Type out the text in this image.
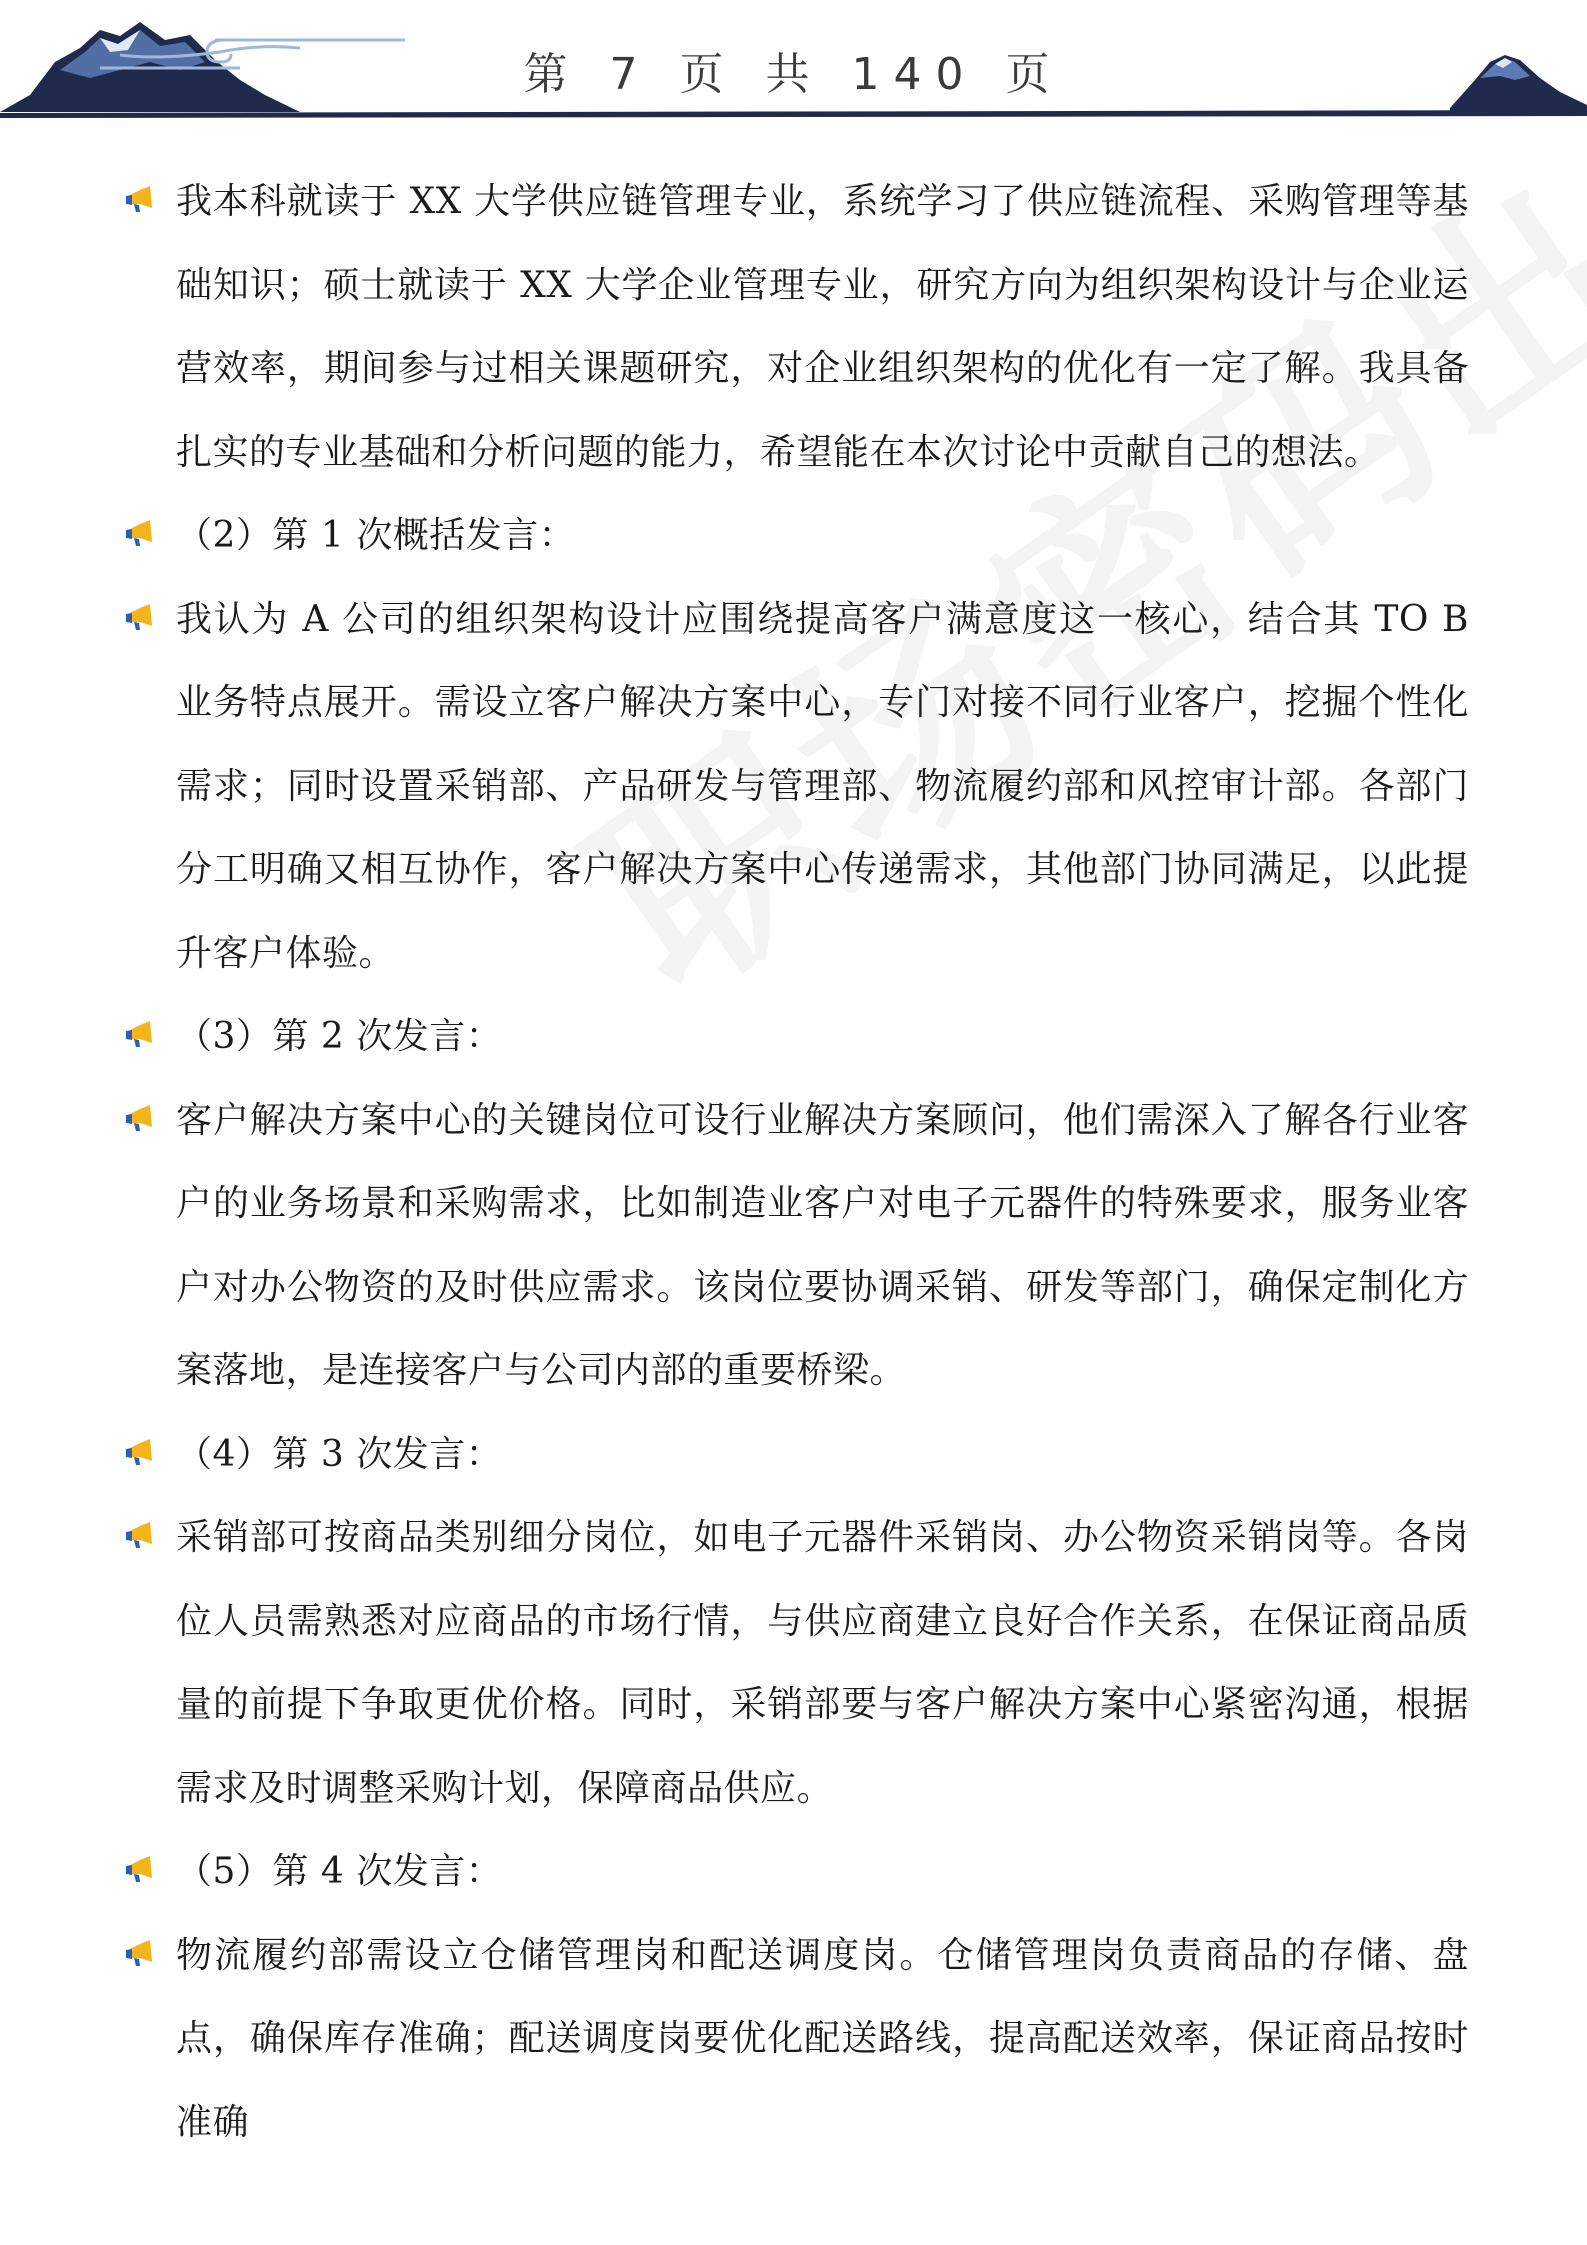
第 7 页 共 140 页
我本科就读于 XX 大学供应链管理专业，系统学习了供应链流程、采购管理等基础知识；硕士就读于 XX 大学企业管理专业，研究方向为组织架构设计与企业运营效率，期间参与过相关课题研究，对企业组织架构的优化有一定了解。我具备扎实的专业基础和分析问题的能力，希望能在本次讨论中贡献自己的想法。
（2）第 1 次概括发言：
我认为 A 公司的组织架构设计应围绕提高客户满意度这一核心，结合其 TO B 业务特点展开。需设立客户解决方案中心，专门对接不同行业客户，挖掘个性化需求；同时设置采销部、产品研发与管理部、物流履约部和风控审计部。各部门分工明确又相互协作，客户解决方案中心传递需求，其他部门协同满足，以此提升客户体验。
（3）第 2 次发言：
客户解决方案中心的关键岗位可设行业解决方案顾问，他们需深入了解各行业客户的业务场景和采购需求，比如制造业客户对电子元器件的特殊要求，服务业客户对办公物资的及时供应需求。该岗位要协调采销、研发等部门，确保定制化方案落地，是连接客户与公司内部的重要桥梁。
（4）第 3 次发言：
采销部可按商品类别细分岗位，如电子元器件采销岗、办公物资采销岗等。各岗位人员需熟悉对应商品的市场行情，与供应商建立良好合作关系，在保证商品质量的前提下争取更优价格。同时，采销部要与客户解决方案中心紧密沟通，根据需求及时调整采购计划，保障商品供应。
（5）第 4 次发言：
物流履约部需设立仓储管理岗和配送调度岗。仓储管理岗负责商品的存储、盘点，确保库存准确；配送调度岗要优化配送路线，提高配送效率，保证商品按时准确
